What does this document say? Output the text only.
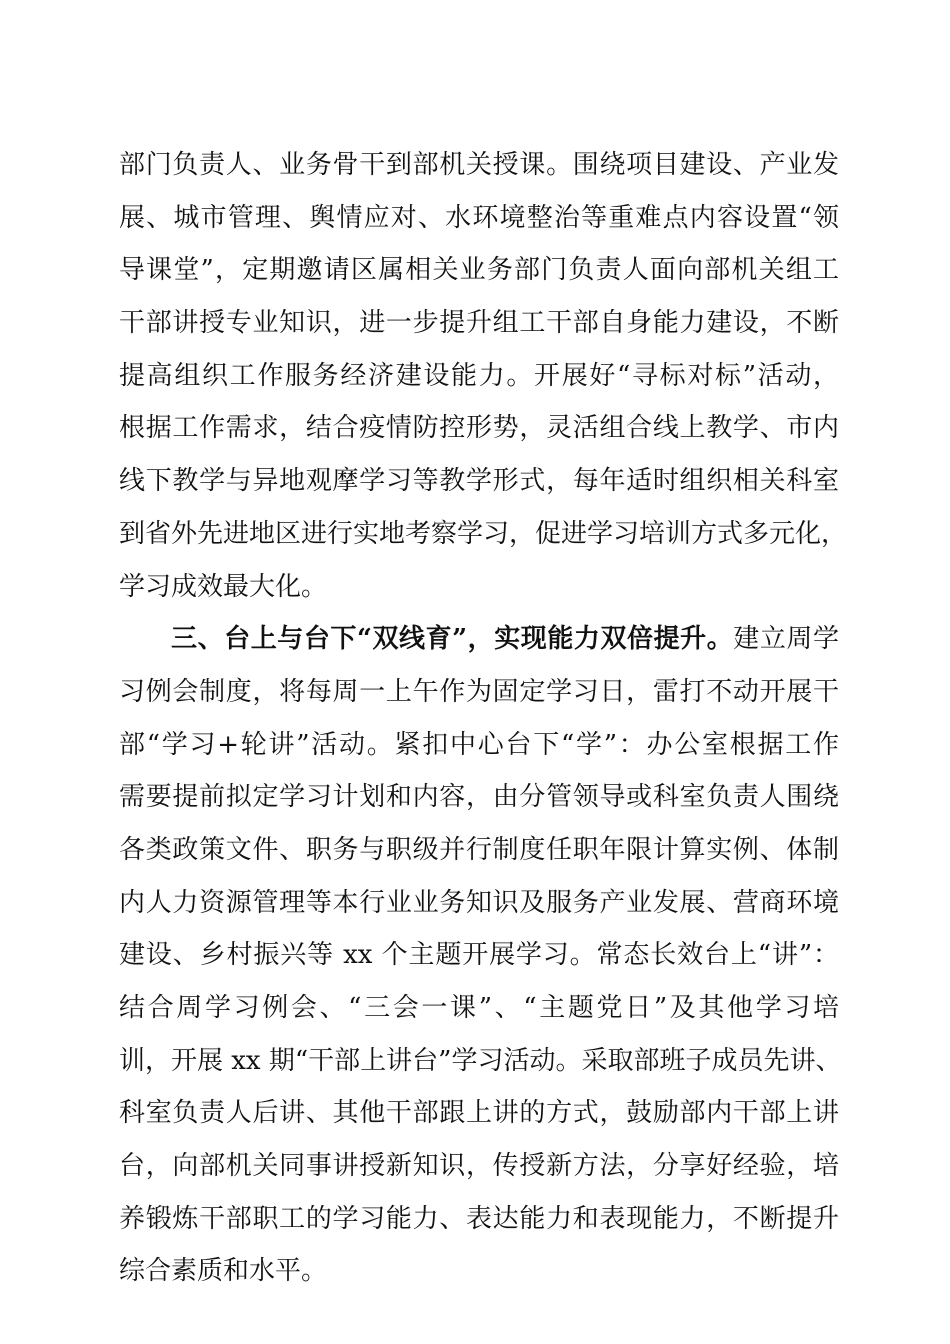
部门负责人、业务骨干到部机关授课。围绕项目建设、产业发
展、城市管理、舆情应对、水环境整治等重难点内容设置“领
导课堂”，定期邀请区属相关业务部门负责人面向部机关组工
干部讲授专业知识，进一步提升组工干部自身能力建设，不断
提高组织工作服务经济建设能力。开展好“寻标对标”活动，
根据工作需求，结合疫情防控形势，灵活组合线上教学、市内
线下教学与异地观摩学习等教学形式，每年适时组织相关科室
到省外先进地区进行实地考察学习，促进学习培训方式多元化，
学习成效最大化。
三、台上与台下“双线育”，实现能力双倍提升。建立周学
习例会制度，将每周一上午作为固定学习日，雷打不动开展干
部“学习+轮讲”活动。紧扣中心台下“学”：办公室根据工作
需要提前拟定学习计划和内容，由分管领导或科室负责人围绕
各类政策文件、职务与职级并行制度任职年限计算实例、体制
内人力资源管理等本行业业务知识及服务产业发展、营商环境
建设、乡村振兴等 xx 个主题开展学习。常态长效台上“讲”：
结合周学习例会、“三会一课”、“主题党日”及其他学习培
训，开展 xx 期“干部上讲台”学习活动。采取部班子成员先讲、
科室负责人后讲、其他干部跟上讲的方式，鼓励部内干部上讲
台，向部机关同事讲授新知识，传授新方法，分享好经验，培
养锻炼干部职工的学习能力、表达能力和表现能力，不断提升
综合素质和水平。
